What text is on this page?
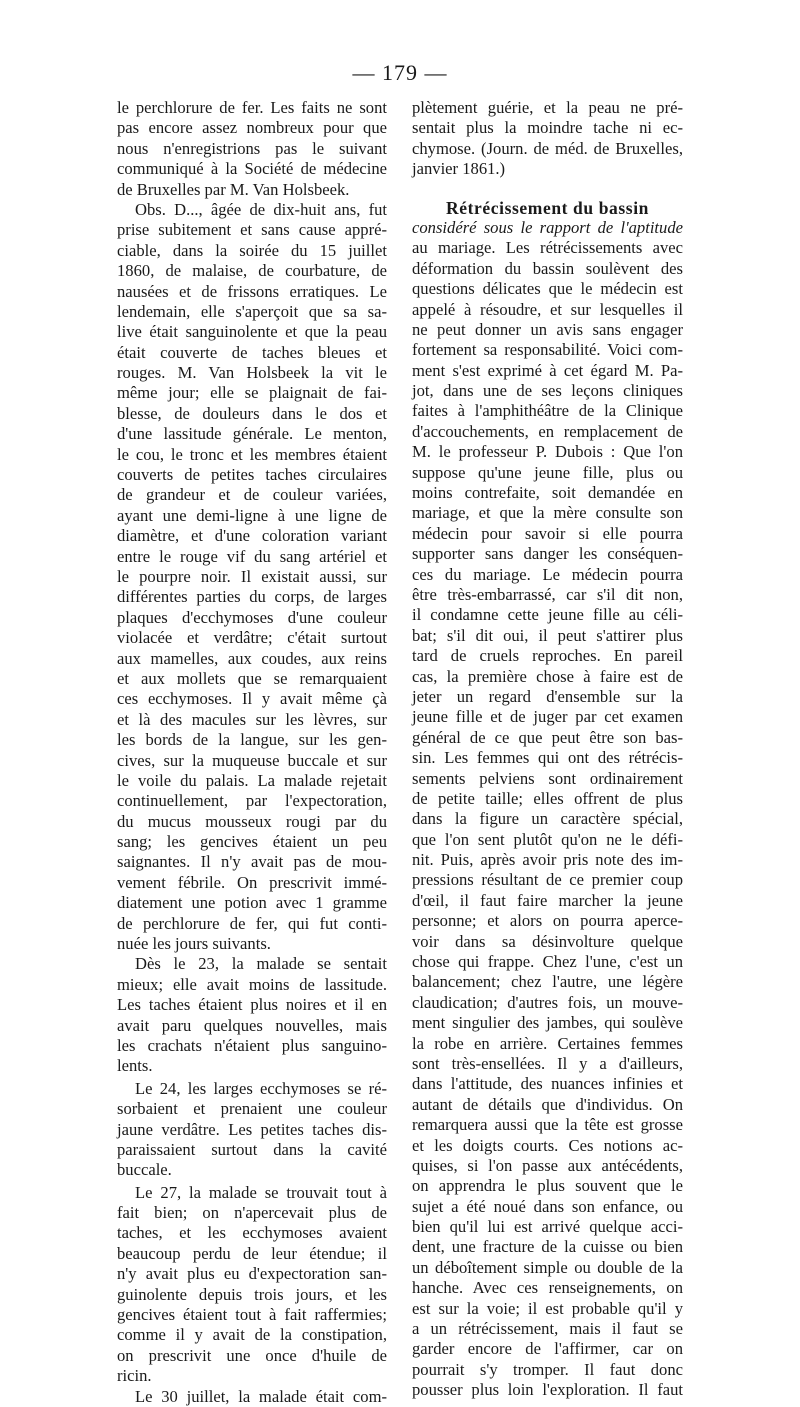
— 179 —
le perchlorure de fer. Les faits ne sont
pas encore assez nombreux pour que
nous n'enregistrions pas le suivant
communiqué à la Société de médecine
de Bruxelles par M. Van Holsbeek.
Obs. D..., âgée de dix-huit ans, fut
prise subitement et sans cause appré-
ciable, dans la soirée du 15 juillet
1860, de malaise, de courbature, de
nausées et de frissons erratiques. Le
lendemain, elle s'aperçoit que sa sa-
live était sanguinolente et que la peau
était couverte de taches bleues et
rouges. M. Van Holsbeek la vit le
même jour; elle se plaignait de fai-
blesse, de douleurs dans le dos et
d'une lassitude générale. Le menton,
le cou, le tronc et les membres étaient
couverts de petites taches circulaires
de grandeur et de couleur variées,
ayant une demi-ligne à une ligne de
diamètre, et d'une coloration variant
entre le rouge vif du sang artériel et
le pourpre noir. Il existait aussi, sur
différentes parties du corps, de larges
plaques d'ecchymoses d'une couleur
violacée et verdâtre; c'était surtout
aux mamelles, aux coudes, aux reins
et aux mollets que se remarquaient
ces ecchymoses. Il y avait même çà
et là des macules sur les lèvres, sur
les bords de la langue, sur les gen-
cives, sur la muqueuse buccale et sur
le voile du palais. La malade rejetait
continuellement, par l'expectoration,
du mucus mousseux rougi par du
sang; les gencives étaient un peu
saignantes. Il n'y avait pas de mou-
vement fébrile. On prescrivit immé-
diatement une potion avec 1 gramme
de perchlorure de fer, qui fut conti-
nuée les jours suivants.
Dès le 23, la malade se sentait
mieux; elle avait moins de lassitude.
Les taches étaient plus noires et il en
avait paru quelques nouvelles, mais
les crachats n'étaient plus sanguino-
lents.
Le 24, les larges ecchymoses se ré-
sorbaient et prenaient une couleur
jaune verdâtre. Les petites taches dis-
paraissaient surtout dans la cavité
buccale.
Le 27, la malade se trouvait tout à
fait bien; on n'apercevait plus de
taches, et les ecchymoses avaient
beaucoup perdu de leur étendue; il
n'y avait plus eu d'expectoration san-
guinolente depuis trois jours, et les
gencives étaient tout à fait raffermies;
comme il y avait de la constipation,
on prescrivit une once d'huile de
ricin.
Le 30 juillet, la malade était com-
plètement guérie, et la peau ne pré-
sentait plus la moindre tache ni ec-
chymose. (Journ. de méd. de Bruxelles,
janvier 1861.)
Rétrécissement du bassin
considéré sous le rapport de l'aptitude
au mariage. Les rétrécissements avec
déformation du bassin soulèvent des
questions délicates que le médecin est
appelé à résoudre, et sur lesquelles il
ne peut donner un avis sans engager
fortement sa responsabilité. Voici com-
ment s'est exprimé à cet égard M. Pa-
jot, dans une de ses leçons cliniques
faites à l'amphithéâtre de la Clinique
d'accouchements, en remplacement de
M. le professeur P. Dubois : Que l'on
suppose qu'une jeune fille, plus ou
moins contrefaite, soit demandée en
mariage, et que la mère consulte son
médecin pour savoir si elle pourra
supporter sans danger les conséquen-
ces du mariage. Le médecin pourra
être très-embarrassé, car s'il dit non,
il condamne cette jeune fille au céli-
bat; s'il dit oui, il peut s'attirer plus
tard de cruels reproches. En pareil
cas, la première chose à faire est de
jeter un regard d'ensemble sur la
jeune fille et de juger par cet examen
général de ce que peut être son bas-
sin. Les femmes qui ont des rétrécis-
sements pelviens sont ordinairement
de petite taille; elles offrent de plus
dans la figure un caractère spécial,
que l'on sent plutôt qu'on ne le défi-
nit. Puis, après avoir pris note des im-
pressions résultant de ce premier coup
d'œil, il faut faire marcher la jeune
personne; et alors on pourra aperce-
voir dans sa désinvolture quelque
chose qui frappe. Chez l'une, c'est un
balancement; chez l'autre, une légère
claudication; d'autres fois, un mouve-
ment singulier des jambes, qui soulève
la robe en arrière. Certaines femmes
sont très-ensellées. Il y a d'ailleurs,
dans l'attitude, des nuances infinies et
autant de détails que d'individus. On
remarquera aussi que la tête est grosse
et les doigts courts. Ces notions ac-
quises, si l'on passe aux antécédents,
on apprendra le plus souvent que le
sujet a été noué dans son enfance, ou
bien qu'il lui est arrivé quelque acci-
dent, une fracture de la cuisse ou bien
un déboîtement simple ou double de la
hanche. Avec ces renseignements, on
est sur la voie; il est probable qu'il y
a un rétrécissement, mais il faut se
garder encore de l'affirmer, car on
pourrait s'y tromper. Il faut donc
pousser plus loin l'exploration. Il faut
